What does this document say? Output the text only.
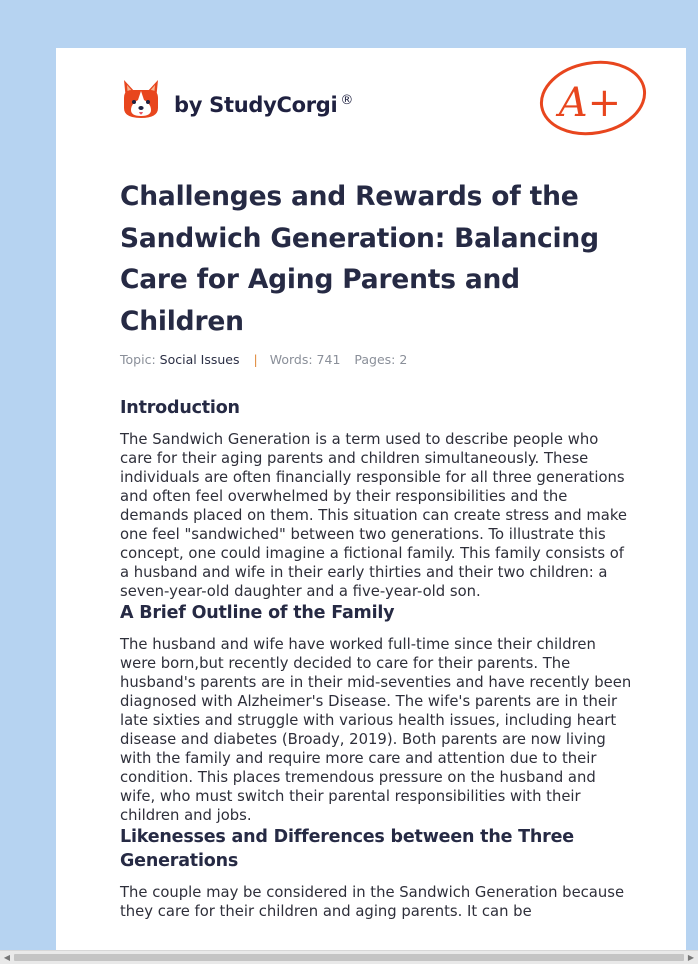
by StudyCorgi ®	A+
Challenges and Rewards of the Sandwich Generation: Balancing Care for Aging Parents and Children
Topic: Social Issues | Words: 741 Pages: 2
Introduction

The Sandwich Generation is a term used to describe people who care for their aging parents and children simultaneously. These individuals are often financially responsible for all three generations and often feel overwhelmed by their responsibilities and the demands placed on them. This situation can create stress and make one feel "sandwiched" between two generations. To illustrate this concept, one could imagine a fictional family. This family consists of a husband and wife in their early thirties and their two children: a seven-year-old daughter and a five-year-old son.

A Brief Outline of the Family

The husband and wife have worked full-time since their children were born,but recently decided to care for their parents. The husband's parents are in their mid-seventies and have recently been diagnosed with Alzheimer's Disease. The wife's parents are in their late sixties and struggle with various health issues, including heart disease and diabetes (Broady, 2019). Both parents are now living with the family and require more care and attention due to their condition. This places tremendous pressure on the husband and wife, who must switch their parental responsibilities with their children and jobs.

Likenesses and Differences between the Three Generations

The couple may be considered in the Sandwich Generation because they care for their children and aging parents. It can be

◀	▶
